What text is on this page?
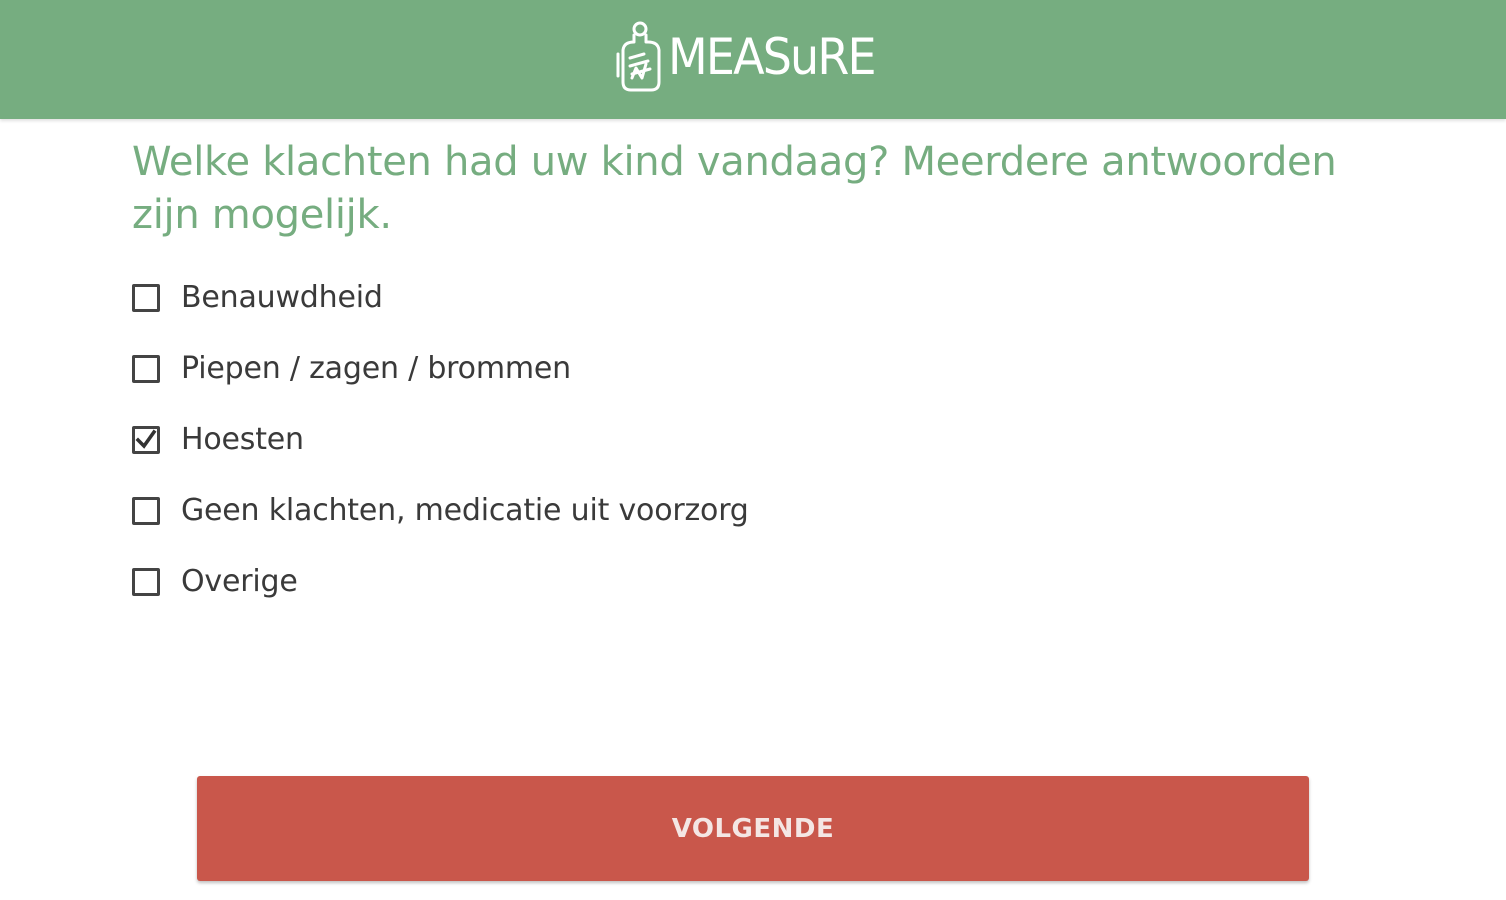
MEASuRE
Welke klachten had uw kind vandaag? Meerdere antwoorden zijn mogelijk.
Benauwdheid
Piepen / zagen / brommen
Hoesten
Geen klachten, medicatie uit voorzorg
Overige
VOLGENDE
